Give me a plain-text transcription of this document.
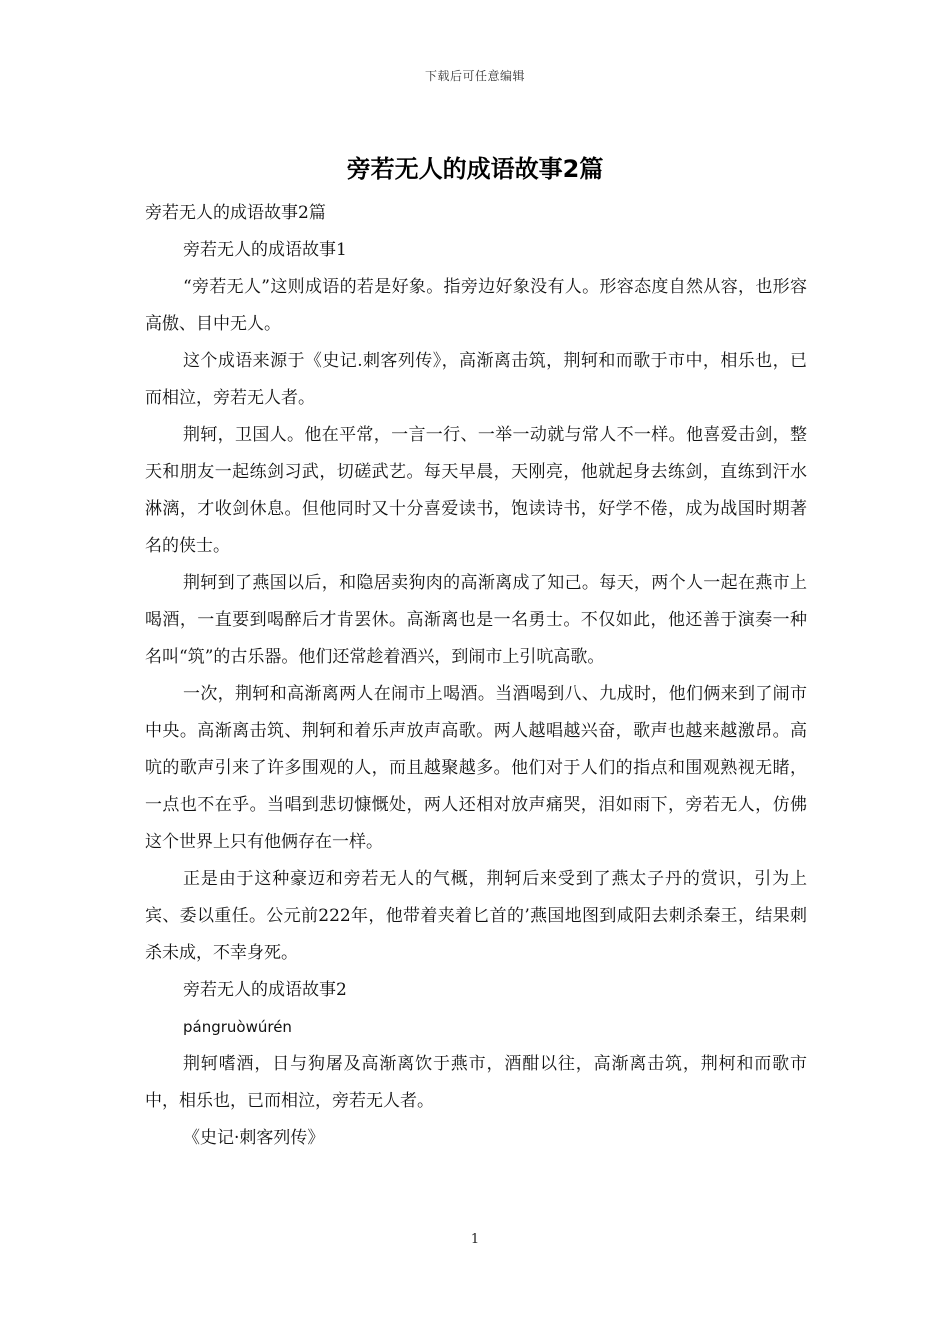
下载后可任意编辑
旁若无人的成语故事2篇

旁若无人的成语故事2篇

旁若无人的成语故事1

“旁若无人”这则成语的若是好象。指旁边好象没有人。形容态度自然从容，也形容高傲、目中无人。

这个成语来源于《史记.刺客列传》，高渐离击筑，荆轲和而歌于市中，相乐也，已而相泣，旁若无人者。

荆轲，卫国人。他在平常，一言一行、一举一动就与常人不一样。他喜爱击剑，整天和朋友一起练剑习武，切磋武艺。每天早晨，天刚亮，他就起身去练剑，直练到汗水淋漓，才收剑休息。但他同时又十分喜爱读书，饱读诗书，好学不倦，成为战国时期著名的侠士。

荆轲到了燕国以后，和隐居卖狗肉的高渐离成了知己。每天，两个人一起在燕市上喝酒，一直要到喝醉后才肯罢休。高渐离也是一名勇士。不仅如此，他还善于演奏一种名叫“筑”的古乐器。他们还常趁着酒兴，到闹市上引吭高歌。

一次，荆轲和高渐离两人在闹市上喝酒。当酒喝到八、九成时，他们俩来到了闹市中央。高渐离击筑、荆轲和着乐声放声高歌。两人越唱越兴奋，歌声也越来越激昂。高吭的歌声引来了许多围观的人，而且越聚越多。他们对于人们的指点和围观熟视无睹，一点也不在乎。当唱到悲切慷慨处，两人还相对放声痛哭，泪如雨下，旁若无人，仿佛这个世界上只有他俩存在一样。

正是由于这种豪迈和旁若无人的气概，荆轲后来受到了燕太子丹的赏识，引为上宾、委以重任。公元前222年，他带着夹着匕首的’燕国地图到咸阳去刺杀秦王，结果刺杀未成，不幸身死。

旁若无人的成语故事2

pángruòwúrén

荆轲嗜酒，日与狗屠及高渐离饮于燕市，酒酣以往，高渐离击筑，荆柯和而歌市中，相乐也，已而相泣，旁若无人者。

《史记·刺客列传》

1
